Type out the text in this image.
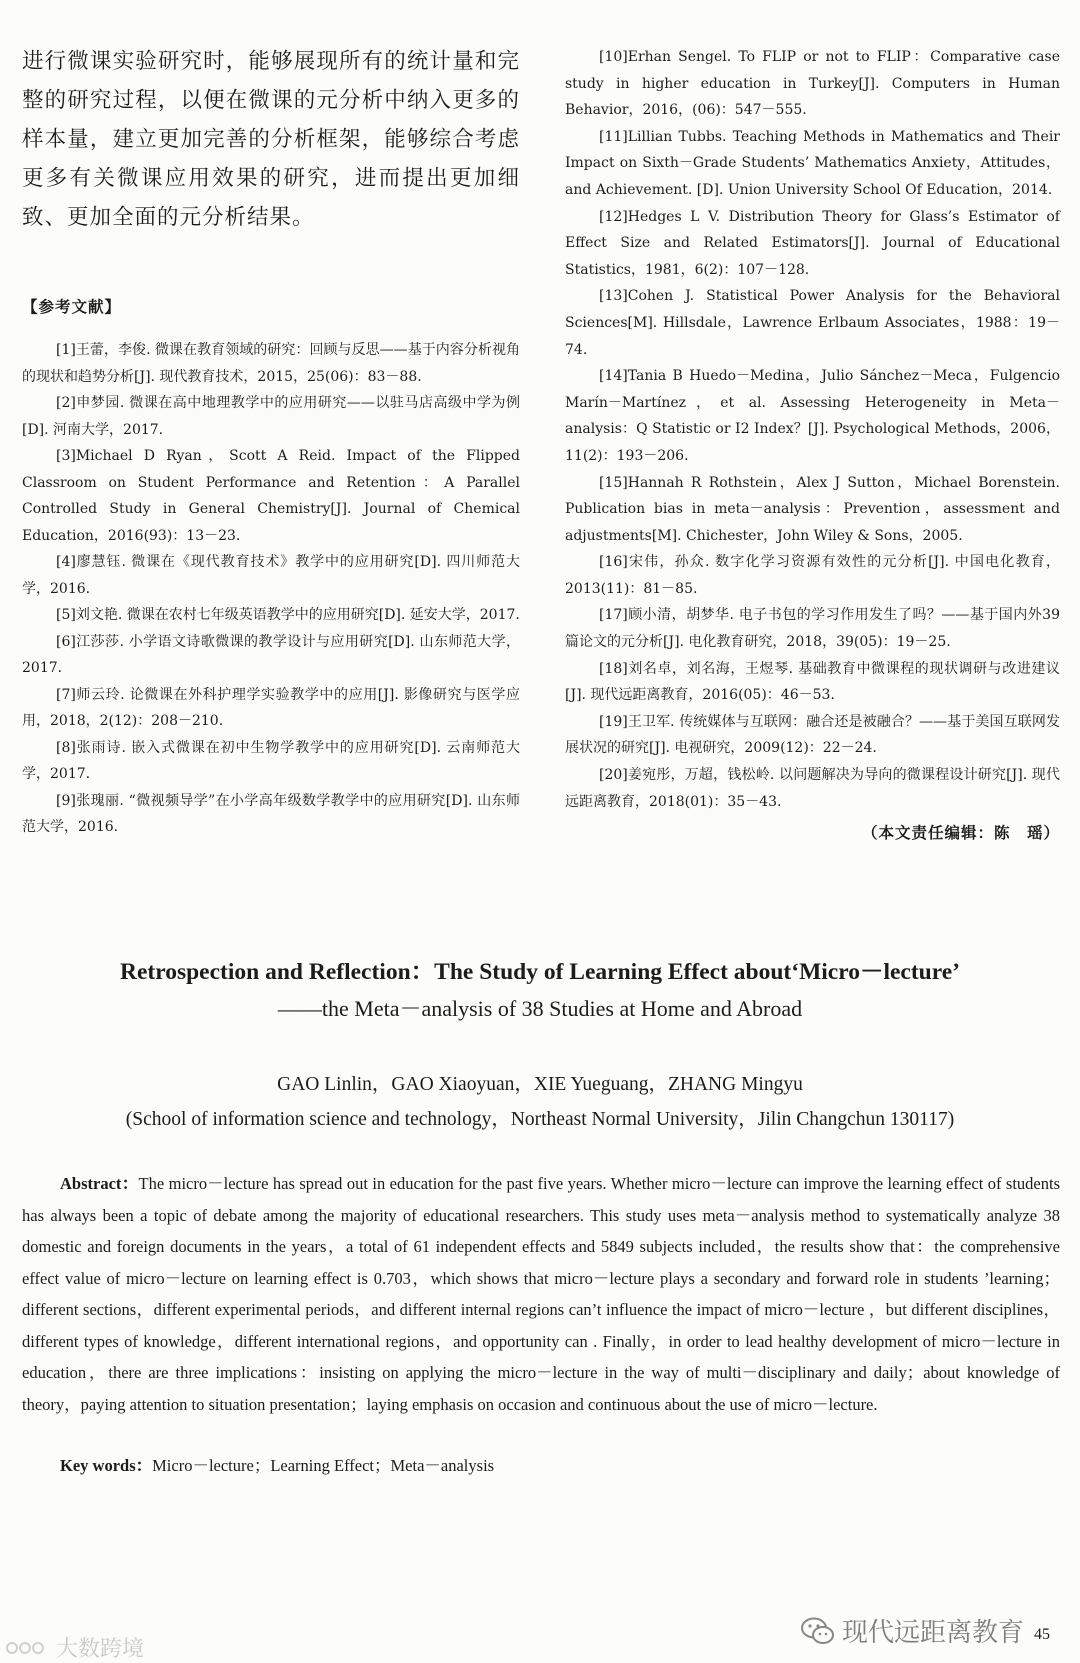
进行微课实验研究时，能够展现所有的统计量和完整的研究过程，以便在微课的元分析中纳入更多的样本量，建立更加完善的分析框架，能够综合考虑更多有关微课应用效果的研究，进而提出更加细致、更加全面的元分析结果。

【参考文献】

[1]王蕾，李俊. 微课在教育领域的研究：回顾与反思——基于内容分析视角的现状和趋势分析[J]. 现代教育技术，2015，25(06)：83－88.

[2]申梦园. 微课在高中地理教学中的应用研究——以驻马店高级中学为例[D]. 河南大学，2017.

[3]Michael D Ryan，Scott A Reid. Impact of the Flipped Classroom on Student Performance and Retention：A Parallel Controlled Study in General Chemistry[J]. Journal of Chemical Education，2016(93)：13－23.

[4]廖慧钰. 微课在《现代教育技术》教学中的应用研究[D]. 四川师范大学，2016.

[5]刘文艳. 微课在农村七年级英语教学中的应用研究[D]. 延安大学，2017.

[6]江莎莎. 小学语文诗歌微课的教学设计与应用研究[D]. 山东师范大学，2017.

[7]师云玲. 论微课在外科护理学实验教学中的应用[J]. 影像研究与医学应用，2018，2(12)：208－210.

[8]张雨诗. 嵌入式微课在初中生物学教学中的应用研究[D]. 云南师范大学，2017.

[9]张瑰丽. “微视频导学”在小学高年级数学教学中的应用研究[D]. 山东师范大学，2016.

[10]Erhan Sengel. To FLIP or not to FLIP：Comparative case study in higher education in Turkey[J]. Computers in Human Behavior，2016，(06)：547－555.

[11]Lillian Tubbs. Teaching Methods in Mathematics and Their Impact on Sixth－Grade Students’ Mathematics Anxiety，Attitudes，and Achievement. [D]. Union University School Of Education，2014.

[12]Hedges L V. Distribution Theory for Glass’s Estimator of Effect Size and Related Estimators[J]. Journal of Educational Statistics，1981，6(2)：107－128.

[13]Cohen J. Statistical Power Analysis for the Behavioral Sciences[M]. Hillsdale，Lawrence Erlbaum Associates，1988：19－74.

[14]Tania B Huedo－Medina，Julio Sánchez－Meca，Fulgencio Marín－Martínez，et al. Assessing Heterogeneity in Meta－analysis：Q Statistic or I2 Index？[J]. Psychological Methods，2006，11(2)：193－206.

[15]Hannah R Rothstein，Alex J Sutton，Michael Borenstein. Publication bias in meta－analysis：Prevention，assessment and adjustments[M]. Chichester，John Wiley & Sons，2005.

[16]宋伟，孙众. 数字化学习资源有效性的元分析[J]. 中国电化教育，2013(11)：81－85.

[17]顾小清，胡梦华. 电子书包的学习作用发生了吗？——基于国内外39篇论文的元分析[J]. 电化教育研究，2018，39(05)：19－25.

[18]刘名卓，刘名海，王煜琴. 基础教育中微课程的现状调研与改进建议[J]. 现代远距离教育，2016(05)：46－53.

[19]王卫军. 传统媒体与互联网：融合还是被融合？——基于美国互联网发展状况的研究[J]. 电视研究，2009(12)：22－24.

[20]姜宛彤，万超，钱松岭. 以问题解决为导向的微课程设计研究[J]. 现代远距离教育，2018(01)：35－43.

（本文责任编辑：陈　瑶）
Retrospection and Reflection：The Study of Learning Effect about‘Micro－lecture’
——the Meta－analysis of 38 Studies at Home and Abroad
GAO Linlin，GAO Xiaoyuan，XIE Yueguang，ZHANG Mingyu
(School of information science and technology，Northeast Normal University，Jilin Changchun 130117)

Abstract：The micro－lecture has spread out in education for the past five years. Whether micro－lecture can improve the learning effect of students has always been a topic of debate among the majority of educational researchers. This study uses meta－analysis method to systematically analyze 38 domestic and foreign documents in the years，a total of 61 independent effects and 5849 subjects included，the results show that：the comprehensive effect value of micro－lecture on learning effect is 0.703，which shows that micro－lecture plays a secondary and forward role in students ’learning；different sections，different experimental periods，and different internal regions can’t influence the impact of micro－lecture ，but different disciplines，different types of knowledge，different international regions，and opportunity can . Finally，in order to lead healthy development of micro－lecture in education，there are three implications：insisting on applying the micro－lecture in the way of multi－disciplinary and daily；about knowledge of theory，paying attention to situation presentation；laying emphasis on occasion and continuous about the use of micro－lecture.

Key words：Micro－lecture；Learning Effect；Meta－analysis

现代远距离教育 45
大数跨境
